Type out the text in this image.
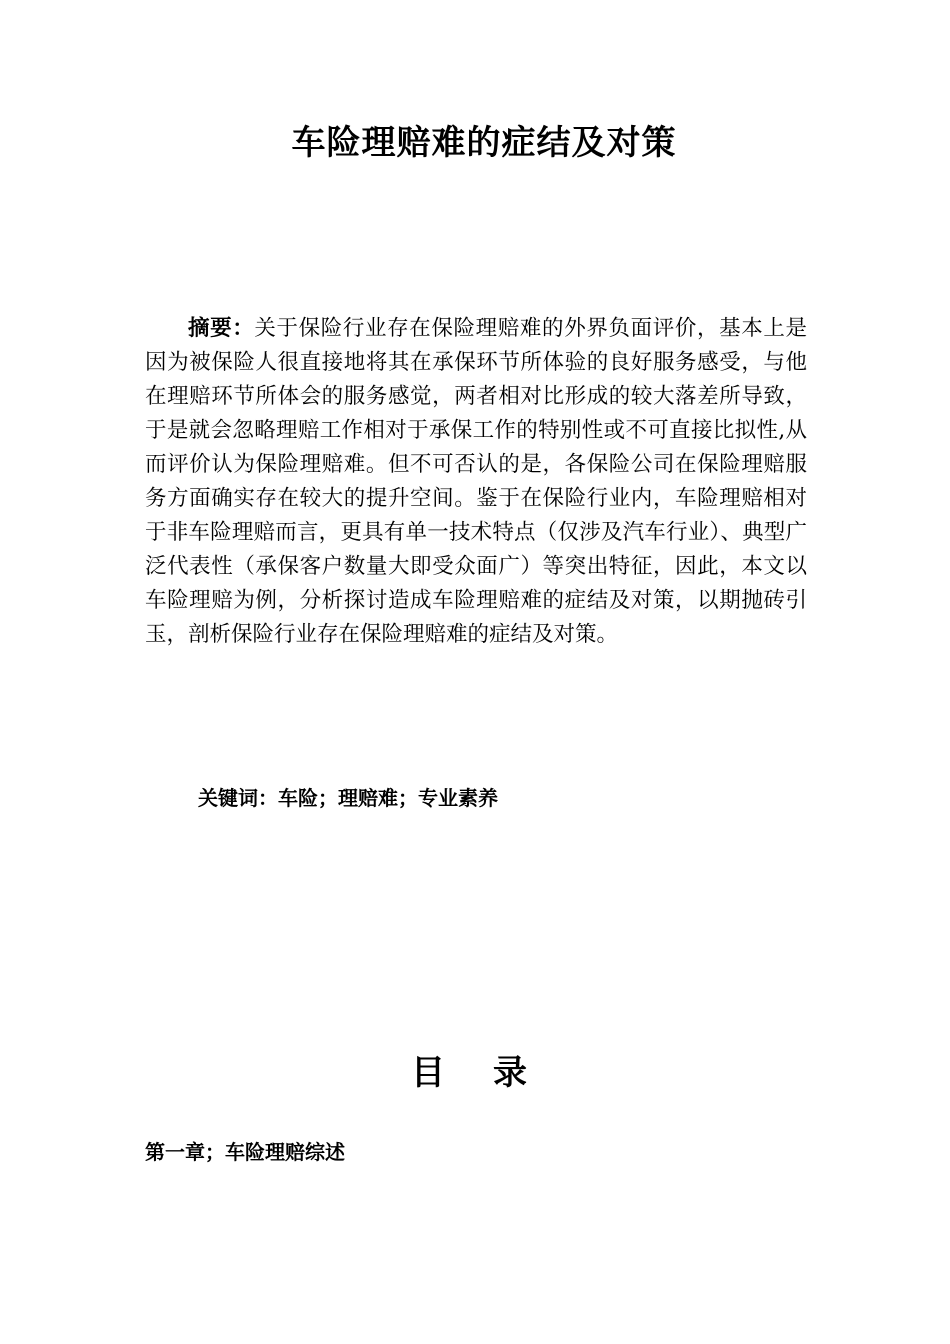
车险理赔难的症结及对策

摘要：关于保险行业存在保险理赔难的外界负面评价，基本上是因为被保险人很直接地将其在承保环节所体验的良好服务感受，与他在理赔环节所体会的服务感觉，两者相对比形成的较大落差所导致，于是就会忽略理赔工作相对于承保工作的特别性或不可直接比拟性,从而评价认为保险理赔难。但不可否认的是，各保险公司在保险理赔服务方面确实存在较大的提升空间。鉴于在保险行业内，车险理赔相对于非车险理赔而言，更具有单一技术特点（仅涉及汽车行业）、典型广泛代表性（承保客户数量大即受众面广）等突出特征，因此，本文以车险理赔为例，分析探讨造成车险理赔难的症结及对策，以期抛砖引玉，剖析保险行业存在保险理赔难的症结及对策。

关键词：车险；理赔难；专业素养
目 录
第一章；车险理赔综述
